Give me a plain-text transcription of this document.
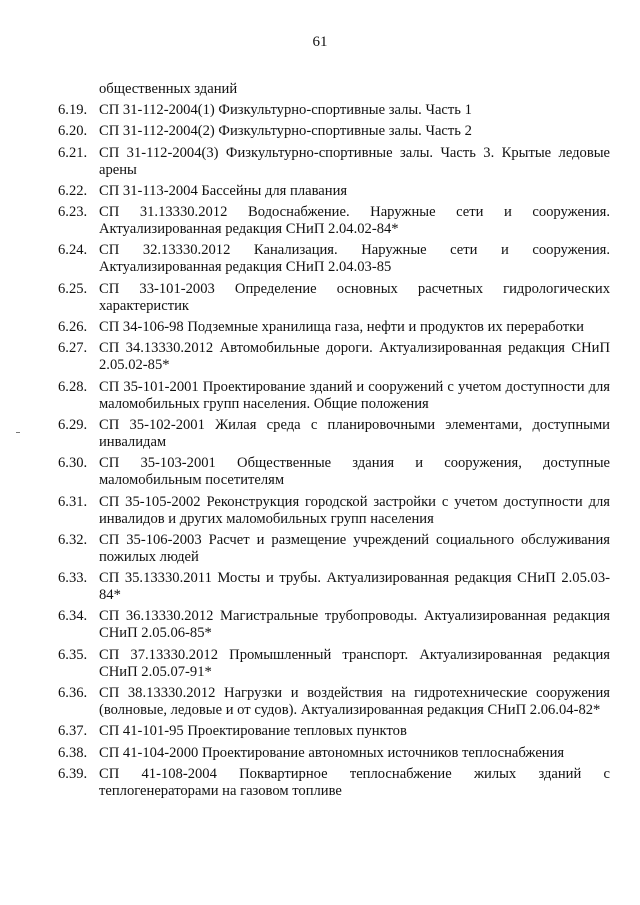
61
общественных зданий
6.19. СП 31-112-2004(1) Физкультурно-спортивные залы. Часть 1
6.20. СП 31-112-2004(2) Физкультурно-спортивные залы. Часть 2
6.21. СП 31-112-2004(3) Физкультурно-спортивные залы. Часть 3. Крытые ледовые арены
6.22. СП 31-113-2004 Бассейны для плавания
6.23. СП 31.13330.2012 Водоснабжение. Наружные сети и сооружения. Актуализированная редакция СНиП 2.04.02-84*
6.24. СП 32.13330.2012 Канализация. Наружные сети и сооружения. Актуализированная редакция СНиП 2.04.03-85
6.25. СП 33-101-2003 Определение основных расчетных гидрологических характеристик
6.26. СП 34-106-98 Подземные хранилища газа, нефти и продуктов их переработки
6.27. СП 34.13330.2012 Автомобильные дороги. Актуализированная редакция СНиП 2.05.02-85*
6.28. СП 35-101-2001 Проектирование зданий и сооружений с учетом доступности для маломобильных групп населения. Общие положения
6.29. СП 35-102-2001 Жилая среда с планировочными элементами, доступными инвалидам
6.30. СП 35-103-2001 Общественные здания и сооружения, доступные маломобильным посетителям
6.31. СП 35-105-2002 Реконструкция городской застройки с учетом доступности для инвалидов и других маломобильных групп населения
6.32. СП 35-106-2003 Расчет и размещение учреждений социального обслуживания пожилых людей
6.33. СП 35.13330.2011 Мосты и трубы. Актуализированная редакция СНиП 2.05.03-84*
6.34. СП 36.13330.2012 Магистральные трубопроводы. Актуализированная редакция СНиП 2.05.06-85*
6.35. СП 37.13330.2012 Промышленный транспорт. Актуализированная редакция СНиП 2.05.07-91*
6.36. СП 38.13330.2012 Нагрузки и воздействия на гидротехнические сооружения (волновые, ледовые и от судов). Актуализированная редакция СНиП 2.06.04-82*
6.37. СП 41-101-95 Проектирование тепловых пунктов
6.38. СП 41-104-2000 Проектирование автономных источников теплоснабжения
6.39. СП 41-108-2004 Поквартирное теплоснабжение жилых зданий с теплогенераторами на газовом топливе
